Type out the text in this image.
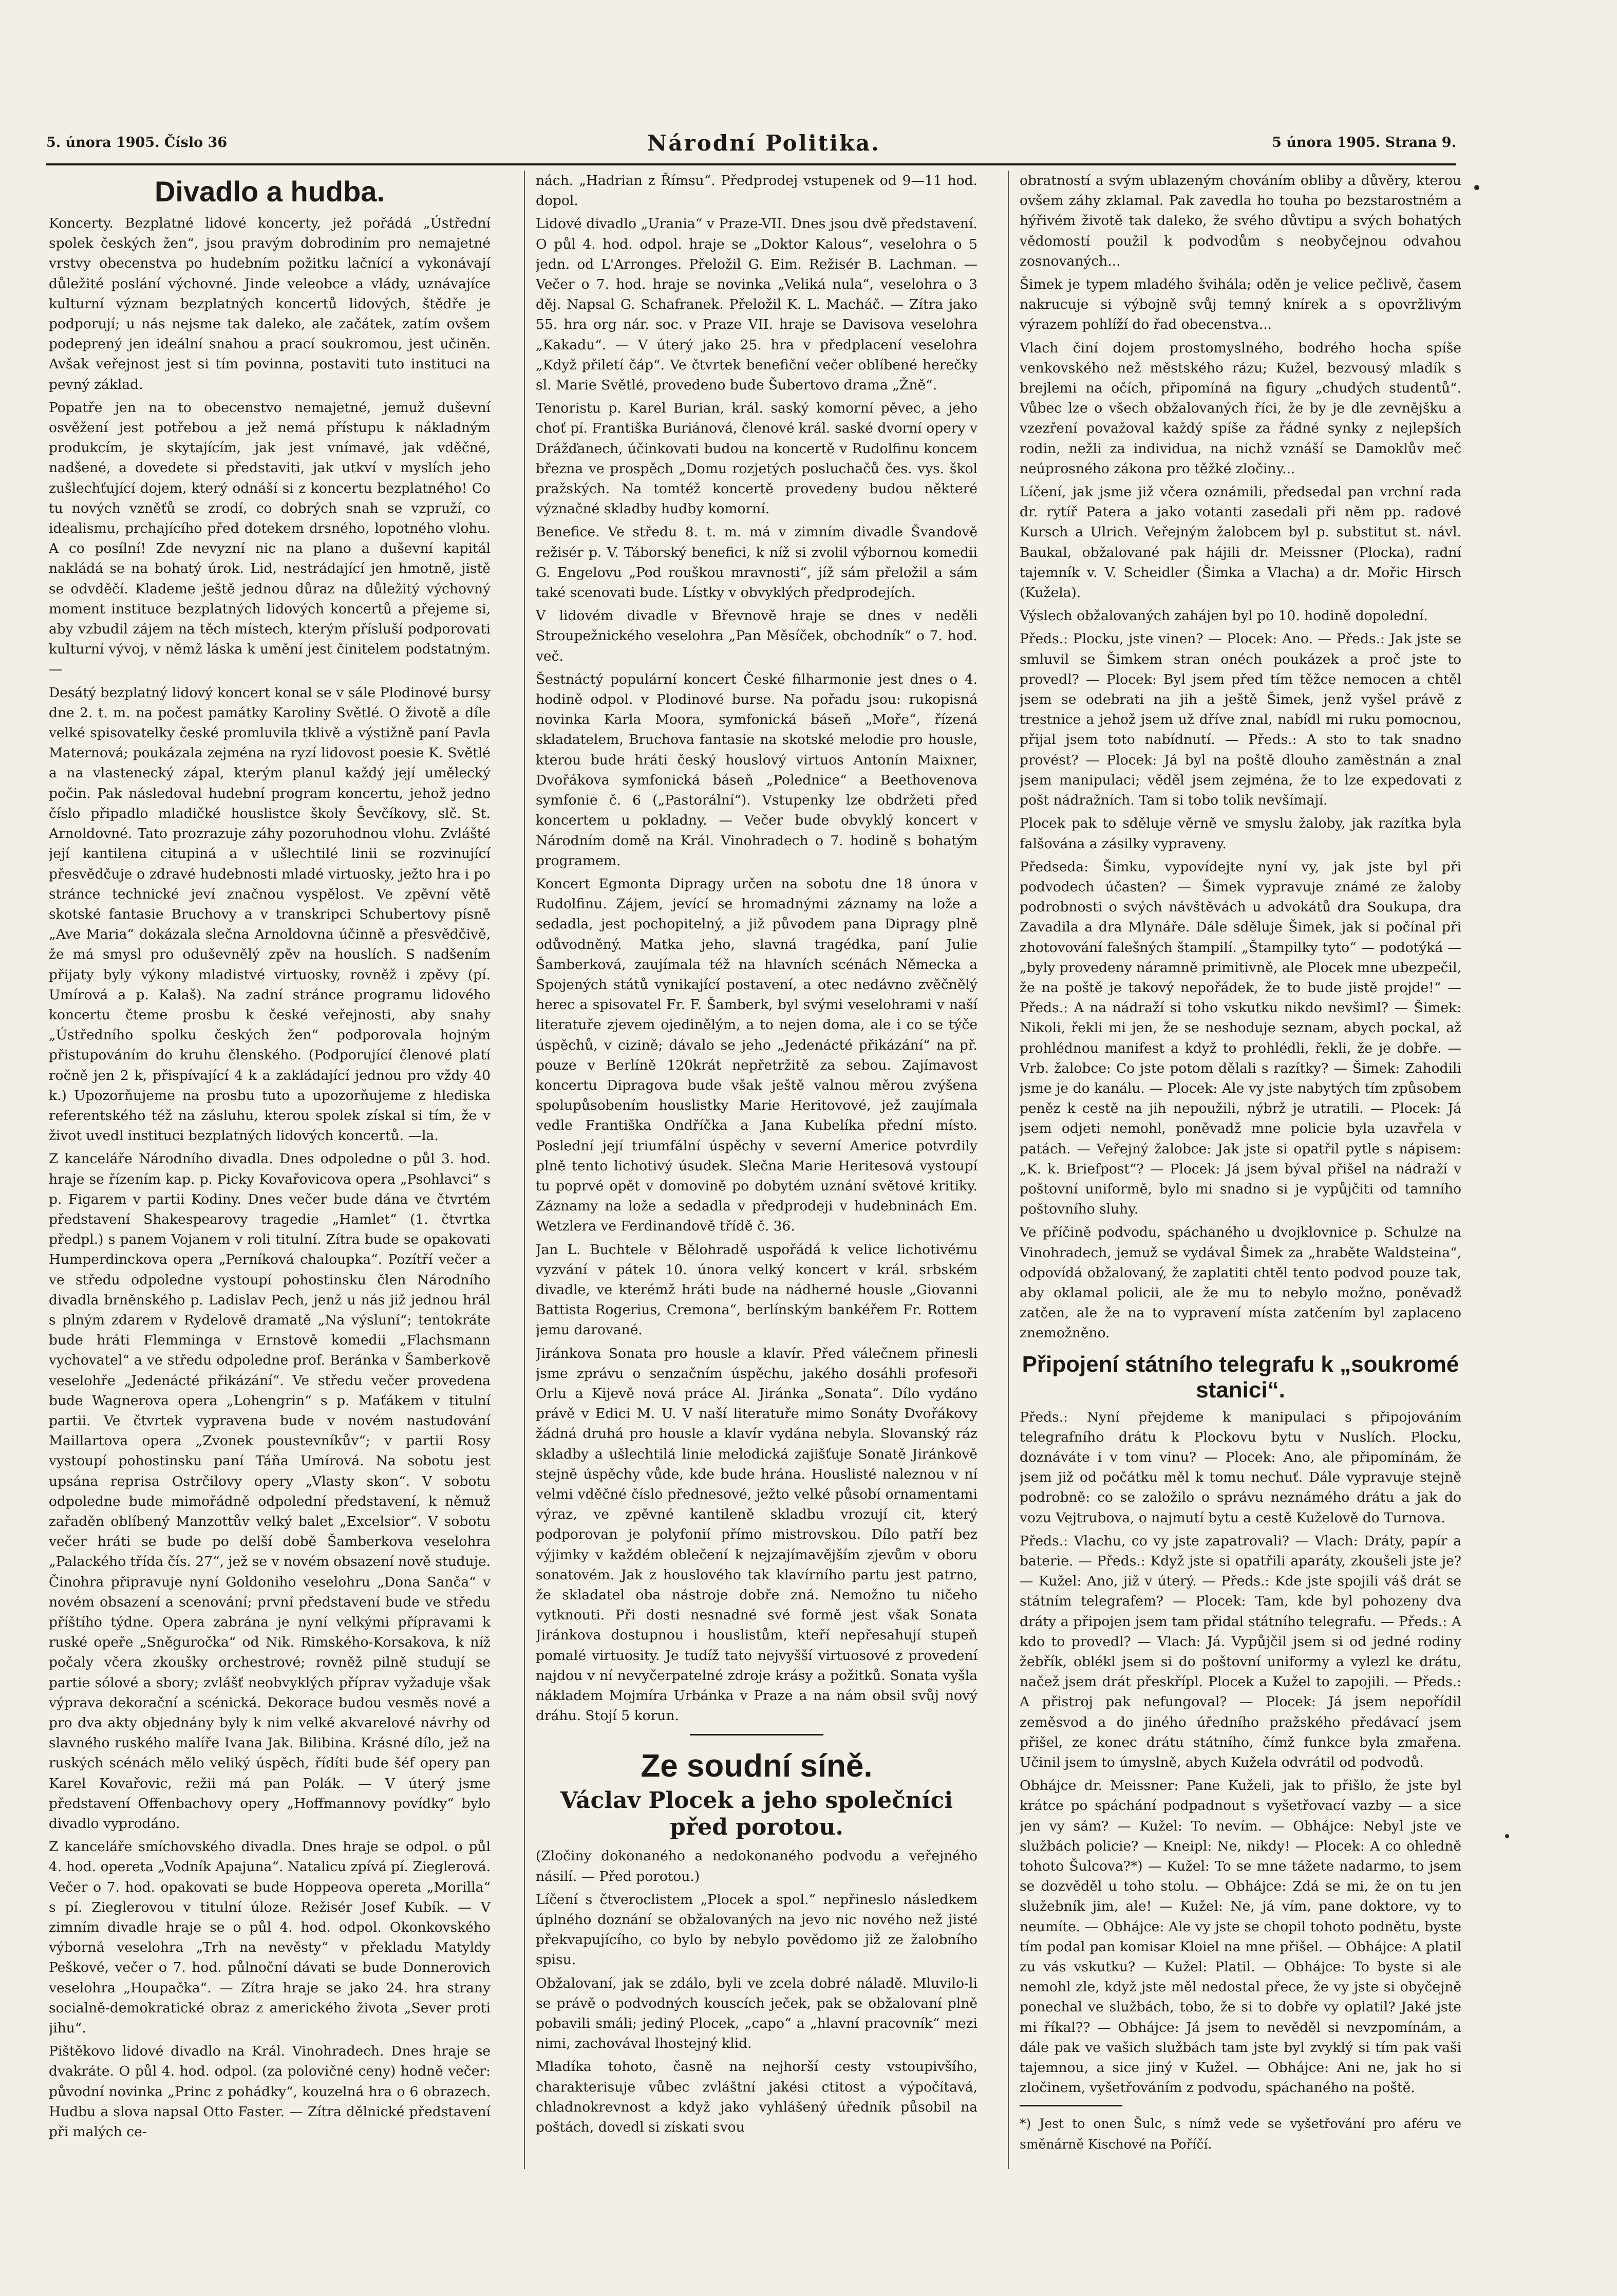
5. února 1905. Číslo 36	Národní Politika.	5 února 1905. Strana 9.
Divadlo a hudba.

Koncerty. Bezplatné lidové koncerty, jež pořádá „Ústřední spolek českých žen“, jsou pravým dobrodiním pro nemajetné vrstvy obecenstva po hudebním požitku lačnící a vykonávají důležité poslání výchovné. Jinde veleobce a vlády, uznávajíce kulturní význam bezplatných koncertů lidových, štědře je podporují; u nás nejsme tak daleko, ale začátek, zatím ovšem podeprený jen ideální snahou a prací soukromou, jest učiněn. Avšak veřejnost jest si tím povinna, postaviti tuto instituci na pevný základ.

Popatře jen na to obecenstvo nemajetné, jemuž duševní osvěžení jest potřebou a jež nemá přístupu k nákladným produkcím, je skytajícím, jak jest vnímavé, jak vděčné, nadšené, a dovedete si představiti, jak utkví v myslích jeho zušlechťující dojem, který odnáší si z koncertu bezplatného! Co tu nových vzněťů se zrodí, co dobrých snah se vzpruží, co idealismu, prchajícího před dotekem drsného, lopotného vlohu. A co posílní! Zde nevyzní nic na plano a duševní kapitál nakládá se na bohatý úrok. Lid, nestrádající jen hmotně, jistě se odvděčí. Klademe ještě jednou důraz na důležitý výchovný moment instituce bezplatných lidových koncertů a přejeme si, aby vzbudil zájem na těch místech, kterým přísluší podporovati kulturní vývoj, v němž láska k umění jest činitelem podstatným. —

Desátý bezplatný lidový koncert konal se v sále Plodinové bursy dne 2. t. m. na počest památky Karoliny Světlé. O životě a díle velké spisovatelky české promluvila tklivě a výstižně paní Pavla Maternová; poukázala zejména na ryzí lidovost poesie K. Světlé a na vlastenecký zápal, kterým planul každý její umělecký počin. Pak následoval hudební program koncertu, jehož jedno číslo připadlo mladičké houslistce školy Ševčíkovy, slč. St. Arnoldovné. Tato prozrazuje záhy pozoruhodnou vlohu. Zvlášté její kantilena citupiná a v ušlechtilé linii se rozvinující přesvědčuje o zdravé hudebnosti mladé virtuosky, ježto hra i po stránce technické jeví značnou vyspělost. Ve zpěvní větě skotské fantasie Bruchovy a v transkripci Schubertovy písně „Ave Maria“ dokázala slečna Arnoldovna účinně a přesvědčivě, že má smysl pro oduševnělý zpěv na houslích. S nadšením přijaty byly výkony mladistvé virtuosky, rovněž i zpěvy (pí. Umírová a p. Kalaš). Na zadní stránce programu lidového koncertu čteme prosbu k české veřejnosti, aby snahy „Ústředního spolku českých žen“ podporovala hojným přistupováním do kruhu členského. (Podporující členové platí ročně jen 2 k, přispívající 4 k a zakládající jednou pro vždy 40 k.) Upozorňujeme na prosbu tuto a upozorňujeme z hlediska referentského též na zásluhu, kterou spolek získal si tím, že v život uvedl instituci bezplatných lidových koncertů. —la.

Z kanceláře Národního divadla. Dnes odpoledne o půl 3. hod. hraje se řízením kap. p. Picky Kovařovicova opera „Psohlavci“ s p. Figarem v partii Kodiny. Dnes večer bude dána ve čtvrtém představení Shakespearovy tragedie „Hamlet“ (1. čtvrtka předpl.) s panem Vojanem v roli titulní. Zítra bude se opakovati Humperdinckova opera „Perníková chaloupka“. Pozítří večer a ve středu odpoledne vystoupí pohostinsku člen Národního divadla brněnského p. Ladislav Pech, jenž u nás již jednou hrál s plným zdarem v Rydelově dramatě „Na výsluní“; tentokráte bude hráti Flemminga v Ernstově komedii „Flachsmann vychovatel“ a ve středu odpoledne prof. Beránka v Šamberkově veselohře „Jedenácté přikázání“. Ve středu večer provedena bude Wagnerova opera „Lohengrin“ s p. Maťákem v titulní partii. Ve čtvrtek vypravena bude v novém nastudování Maillartova opera „Zvonek poustevníkův“; v partii Rosy vystoupí pohostinsku paní Táňa Umírová. Na sobotu jest upsána reprisa Ostrčilovy opery „Vlasty skon“. V sobotu odpoledne bude mimořádně odpolední představení, k němuž zařaděn oblíbený Manzottův velký balet „Excelsior“. V sobotu večer hráti se bude po delší době Šamberkova veselohra „Palackého třída čís. 27“, jež se v novém obsazení nově studuje. Činohra připravuje nyní Goldoniho veselohru „Dona Sanča“ v novém obsazení a scenování; první představení bude ve středu příštího týdne. Opera zabrána je nyní velkými přípravami k ruské opeře „Sněguročka“ od Nik. Rimského-Korsakova, k níž počaly včera zkoušky orchestrové; rovněž pilně studují se partie sólové a sbory; zvlášť neobvyklých příprav vyžaduje však výprava dekorační a scénická. Dekorace budou vesměs nové a pro dva akty objednány byly k nim velké akvarelové návrhy od slavného ruského malíře Ivana Jak. Bilibina. Krásné dílo, jež na ruských scénách mělo veliký úspěch, řídíti bude šéf opery pan Karel Kovařovic, režii má pan Polák. — V úterý jsme představení Offenbachovy opery „Hoffmannovy povídky“ bylo divadlo vyprodáno.

Z kanceláře smíchovského divadla. Dnes hraje se odpol. o půl 4. hod. opereta „Vodník Apajuna“. Natalicu zpívá pí. Zieglerová. Večer o 7. hod. opakovati se bude Hoppeova opereta „Morilla“ s pí. Zieglerovou v titulní úloze. Režisér Josef Kubík. — V zimním divadle hraje se o půl 4. hod. odpol. Okonkovského výborná veselohra „Trh na nevěsty“ v překladu Matyldy Peškové, večer o 7. hod. půlnoční dávati se bude Donnerovich veselohra „Houpačka“. — Zítra hraje se jako 24. hra strany socialně-demokratické obraz z amerického života „Sever proti jihu“.

Pištěkovo lidové divadlo na Král. Vinohradech. Dnes hraje se dvakráte. O půl 4. hod. odpol. (za polovičné ceny) hodně večer: původní novinka „Princ z pohádky“, kouzelná hra o 6 obrazech. Hudbu a slova napsal Otto Faster. — Zítra dělnické představení při malých ce-

nách. „Hadrian z Římsu“. Předprodej vstupenek od 9—11 hod. dopol.

Lidové divadlo „Urania“ v Praze-VII. Dnes jsou dvě představení. O půl 4. hod. odpol. hraje se „Doktor Kalous“, veselohra o 5 jedn. od L'Arronges. Přeložil G. Eim. Režisér B. Lachman. — Večer o 7. hod. hraje se novinka „Veliká nula“, veselohra o 3 děj. Napsal G. Schafranek. Přeložil K. L. Macháč. — Zítra jako 55. hra org nár. soc. v Praze VII. hraje se Davisova veselohra „Kakadu“. — V úterý jako 25. hra v předplacení veselohra „Když přiletí čáp“. Ve čtvrtek benefiční večer oblíbené herečky sl. Marie Světlé, provedeno bude Šubertovo drama „Žně“.

Tenoristu p. Karel Burian, král. saský komorní pěvec, a jeho choť pí. Františka Buriánová, členové král. saské dvorní opery v Drážďanech, účinkovati budou na koncertě v Rudolfinu koncem března ve prospěch „Domu rozjetých posluchačů čes. vys. škol pražských. Na tomtéž koncertě provedeny budou některé význačné skladby hudby komorní.

Benefice. Ve středu 8. t. m. má v zimním divadle Švandově režisér p. V. Táborský benefici, k níž si zvolil výbornou komedii G. Engelovu „Pod rouškou mravnosti“, jíž sám přeložil a sám také scenovati bude. Lístky v obvyklých předprodejích.

V lidovém divadle v Břevnově hraje se dnes v neděli Stroupežnického veselohra „Pan Měsíček, obchodník“ o 7. hod. več.

Šestnáctý populární koncert České filharmonie jest dnes o 4. hodině odpol. v Plodinové burse. Na pořadu jsou: rukopisná novinka Karla Moora, symfonická báseň „Moře“, řízená skladatelem, Bruchova fantasie na skotské melodie pro housle, kterou bude hráti český houslový virtuos Antonín Maixner, Dvořákova symfonická báseň „Polednice“ a Beethovenova symfonie č. 6 („Pastorální“). Vstupenky lze obdržeti před koncertem u pokladny. — Večer bude obvyklý koncert v Národním domě na Král. Vinohradech o 7. hodině s bohatým programem.

Koncert Egmonta Dipragy určen na sobotu dne 18 února v Rudolfinu. Zájem, jevící se hromadnými záznamy na lože a sedadla, jest pochopitelný, a již původem pana Dipragy plně odůvodněný. Matka jeho, slavná tragédka, paní Julie Šamberková, zaujímala též na hlavních scénách Německa a Spojených států vynikající postavení, a otec nedávno zvěčnělý herec a spisovatel Fr. F. Šamberk, byl svými veselohrami v naší literatuře zjevem ojedinělým, a to nejen doma, ale i co se týče úspěchů, v cizině; dávalo se jeho „Jedenácté přikázání“ na př. pouze v Berlíně 120krát nepřetržitě za sebou. Zajímavost koncertu Dipragova bude však ještě valnou měrou zvýšena spolupůsobením houslistky Marie Heritovové, jež zaujímala vedle Františka Ondříčka a Jana Kubelíka přední místo. Poslední její triumfální úspěchy v severní Americe potvrdily plně tento lichotivý úsudek. Slečna Marie Heritesová vystoupí tu poprvé opět v domovině po dobytém uznání světové kritiky. Záznamy na lože a sedadla v předprodeji v hudebninách Em. Wetzlera ve Ferdinandově třídě č. 36.

Jan L. Buchtele v Bělohradě uspořádá k velice lichotivému vyzvání v pátek 10. února velký koncert v král. srbském divadle, ve kterémž hráti bude na nádherné housle „Giovanni Battista Rogerius, Cremona“, berlínským bankéřem Fr. Rottem jemu darované.

Jiránkova Sonata pro housle a klavír. Před válečnem přinesli jsme zprávu o senzačním úspěchu, jakého dosáhli profesoři Orlu a Kijevě nová práce Al. Jiránka „Sonata“. Dílo vydáno právě v Edici M. U. V naší literatuře mimo Sonáty Dvořákovy žádná druhá pro housle a klavír vydána nebyla. Slovanský ráz skladby a ušlechtilá linie melodická zajišťuje Sonatě Jiránkově stejně úspěchy vůde, kde bude hrána. Houslisté naleznou v ní velmi vděčné číslo přednesové, ježto velké působí ornamentami výraz, ve zpěvné kantileně skladbu vrozují cit, který podporovan je polyfonií přímo mistrovskou. Dílo patří bez výjimky v každém oblečení k nejzajímavějším zjevům v oboru sonatovém. Jak z houslového tak klavírního partu jest patrno, že skladatel oba nástroje dobře zná. Nemožno tu ničeho vytknouti. Při dosti nesnadné své formě jest však Sonata Jiránkova dostupnou i houslistům, kteří nepřesahují stupeň pomalé virtuosity. Je tudíž tato nejvyšší virtuosové z provedení najdou v ní nevyčerpatelné zdroje krásy a požitků. Sonata vyšla nákladem Mojmíra Urbánka v Praze a na nám obsil svůj nový dráhu. Stojí 5 korun.

Ze soudní síně.
Václav Plocek a jeho společníci před porotou.

(Zločiny dokonaného a nedokonaného podvodu a veřejného násilí. — Před porotou.)

Líčení s čtveroclistem „Plocek a spol.“ nepřineslo následkem úplného doznání se obžalovaných na jevo nic nového než jisté překvapujícího, co bylo by nebylo povědomo již ze žalobního spisu.

Obžalovaní, jak se zdálo, byli ve zcela dobré náladě. Mluvilo-li se právě o podvodných kouscích ječek, pak se obžalovaní plně pobavili smáli; jediný Plocek, „capo“ a „hlavní pracovník“ mezi nimi, zachovával lhostejný klid.

Mladíka tohoto, časně na nejhorší cesty vstoupivšího, charakterisuje vůbec zvláštní jakési ctitost a výpočítavá, chladnokrevnost a když jako vyhlášený úředník působil na poštách, dovedl si získati svou

obratností a svým ublazeným chováním obliby a důvěry, kterou ovšem záhy zklamal. Pak zavedla ho touha po bezstarostném a hýřivém životě tak daleko, že svého důvtipu a svých bohatých vědomostí použil k podvodům s neobyčejnou odvahou zosnovaných...

Šimek je typem mladého švihála; oděn je velice pečlivě, časem nakrucuje si výbojně svůj temný knírek a s opovržlivým výrazem pohlíží do řad obecenstva...

Vlach činí dojem prostomyslného, bodrého hocha spíše venkovského než městského rázu; Kužel, bezvousý mladík s brejlemi na očích, připomíná na figury „chudých studentů“. Vůbec lze o všech obžalovaných říci, že by je dle zevnějšku a vzezření považoval každý spíše za řádné synky z nejlepších rodin, nežli za individua, na nichž vznáší se Damoklův meč neúprosného zákona pro těžké zločiny...

Líčení, jak jsme již včera oznámili, předsedal pan vrchní rada dr. rytíř Patera a jako votanti zasedali při něm pp. radové Kursch a Ulrich. Veřejným žalobcem byl p. substitut st. návl. Baukal, obžalované pak hájili dr. Meissner (Plocka), radní tajemník v. V. Scheidler (Šimka a Vlacha) a dr. Mořic Hirsch (Kužela).

Výslech obžalovaných zahájen byl po 10. hodině dopolední.

Předs.: Plocku, jste vinen? — Plocek: Ano. — Předs.: Jak jste se smluvil se Šimkem stran onéch poukázek a proč jste to provedl? — Plocek: Byl jsem před tím těžce nemocen a chtěl jsem se odebrati na jih a ještě Šimek, jenž vyšel právě z trestnice a jehož jsem už dříve znal, nabídl mi ruku pomocnou, přijal jsem toto nabídnutí. — Předs.: A sto to tak snadno provést? — Plocek: Já byl na poště dlouho zaměstnán a znal jsem manipulaci; věděl jsem zejména, že to lze expedovati z pošt nádražních. Tam si tobo tolik nevšímají.

Plocek pak to sděluje věrně ve smyslu žaloby, jak razítka byla falšována a zásilky vypraveny.

Předseda: Šimku, vypovídejte nyní vy, jak jste byl při podvodech účasten? — Šimek vypravuje známé ze žaloby podrobnosti o svých návštěvách u advokátů dra Soukupa, dra Zavadila a dra Mlynáře. Dále sděluje Šimek, jak si počínal při zhotovování falešných štampilí. „Štampilky tyto“ — podotýká — „byly provedeny náramně primitivně, ale Plocek mne ubezpečil, že na poště je takový nepořádek, že to bude jistě projde!“ — Předs.: A na nádraží si toho vskutku nikdo nevšiml? — Šimek: Nikoli, řekli mi jen, že se neshoduje seznam, abych pockal, až prohlédnou manifest a když to prohlédli, řekli, že je dobře. — Vrb. žalobce: Co jste potom dělali s razítky? — Šimek: Zahodili jsme je do kanálu. — Plocek: Ale vy jste nabytých tím způsobem peněz k cestě na jih nepoužili, nýbrž je utratili. — Plocek: Já jsem odjeti nemohl, poněvadž mne policie byla uzavřela v patách. — Veřejný žalobce: Jak jste si opatřil pytle s nápisem: „K. k. Briefpost“? — Plocek: Já jsem býval přišel na nádraží v poštovní uniformě, bylo mi snadno si je vypůjčiti od tamního poštovního sluhy.

Ve příčině podvodu, spáchaného u dvojklovnice p. Schulze na Vinohradech, jemuž se vydával Šimek za „hraběte Waldsteina“, odpovídá obžalovaný, že zaplatiti chtěl tento podvod pouze tak, aby oklamal policii, ale že mu to nebylo možno, poněvadž zatčen, ale že na to vypravení místa zatčením byl zaplaceno znemožněno.

Připojení státního telegrafu k „soukromé stanici“.

Předs.: Nyní přejdeme k manipulaci s připojováním telegrafního drátu k Plockovu bytu v Nuslích. Plocku, doznáváte i v tom vinu? — Plocek: Ano, ale připomínám, že jsem již od počátku měl k tomu nechuť. Dále vypravuje stejně podrobně: co se založilo o správu neznámého drátu a jak do vozu Vejtrubova, o najmutí bytu a cestě Kuželově do Turnova.

Předs.: Vlachu, co vy jste zapatrovali? — Vlach: Dráty, papír a baterie. — Předs.: Když jste si opatřili aparáty, zkoušeli jste je? — Kužel: Ano, již v úterý. — Předs.: Kde jste spojili váš drát se státním telegrafem? — Plocek: Tam, kde byl pohozeny dva dráty a připojen jsem tam přidal státního telegrafu. — Předs.: A kdo to provedl? — Vlach: Já. Vypůjčil jsem si od jedné rodiny žebřík, oblékl jsem si do poštovní uniformy a vylezl ke drátu, načež jsem drát přeskřípl. Plocek a Kužel to zapojili. — Předs.: A přistroj pak nefungoval? — Plocek: Já jsem nepořídil zeměsvod a do jiného úředního pražského předávací jsem přišel, ze konec drátu státního, čímž funkce byla zmařena. Učinil jsem to úmyslně, abych Kužela odvrátil od podvodů.

Obhájce dr. Meissner: Pane Kuželi, jak to přišlo, že jste byl krátce po spáchání podpadnout s vyšetřovací vazby — a sice jen vy sám? — Kužel: To nevím. — Obhájce: Nebyl jste ve službách policie? — Kneipl: Ne, nikdy! — Plocek: A co ohledně tohoto Šulcova?*) — Kužel: To se mne tážete nadarmo, to jsem se dozvěděl u toho stolu. — Obhájce: Zdá se mi, že on tu jen služebník jim, ale! — Kužel: Ne, já vím, pane doktore, vy to neumíte. — Obhájce: Ale vy jste se chopil tohoto podnětu, byste tím podal pan komisar Kloiel na mne přišel. — Obhájce: A platil zu vás vskutku? — Kužel: Platil. — Obhájce: To byste si ale nemohl zle, když jste měl nedostal přece, že vy jste si obyčejně ponechal ve službách, tobo, že si to dobře vy oplatil? Jaké jste mi říkal?? — Obhájce: Já jsem to nevěděl si nevzpomínám, a dále pak ve vašich službách tam jste byl zvyklý si tím pak vaši tajemnou, a sice jiný v Kužel. — Obhájce: Ani ne, jak ho si zločinem, vyšetřováním z podvodu, spáchaného na poště.

*) Jest to onen Šulc, s nímž vede se vyšetřování pro aféru ve směnárně Kischové na Poříčí.
